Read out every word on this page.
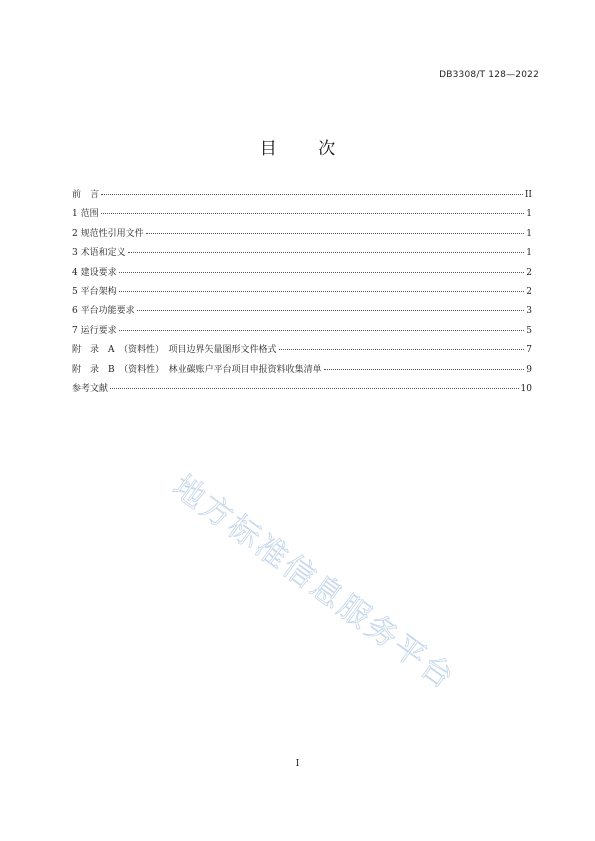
DB3308/T 128—2022
目 次
前　言	II
1 范围	1
2 规范性引用文件	1
3 术语和定义	1
4 建设要求	2
5 平台架构	2
6 平台功能要求	3
7 运行要求	5
附　录　A　（资料性）　项目边界矢量图形文件格式	7
附　录　B　（资料性）　林业碳账户平台项目申报资料收集清单	9
参考文献	10
地方标准信息服务平台
I
